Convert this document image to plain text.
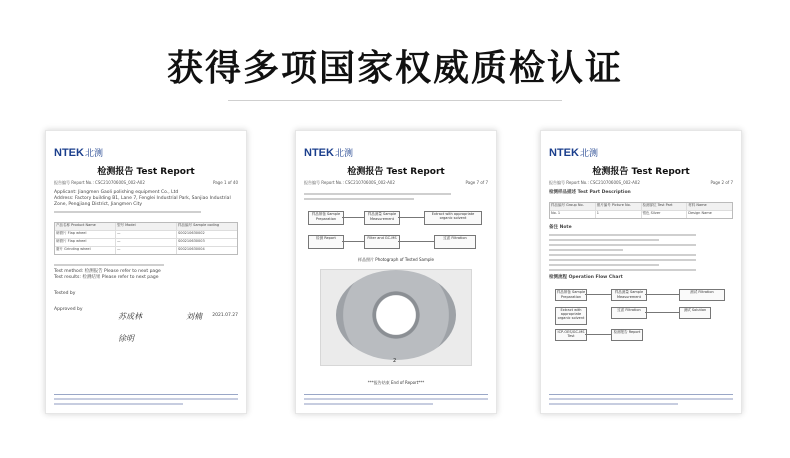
获得多项国家权威质检认证
NTEK北测
检测报告 Test Report
报告编号 Report No.: CSC21070600S_002-A02	Page 1 of 40
Applicant: Jiangmen Gaoli polishing equipment Co., Ltd
Address: Factory building B1, Lane 7, Fenglei Industrial Park, Sanjiao Industrial Zone, Pengjiang District, Jiangmen City
产品名称 Product Name	型号 Model	样品编号 Sample coding
研磨片 Flap wheel	—	S00210630002
研磨片 Flap wheel	—	S00210630003
磨片 Grinding wheel	—	S00210630004
Test method: 检测报告 Please refer to next page
Test results: 检测结果 Please refer to next page
Tested by
Approved by
2021.07.27
苏成林	刘楠
徐明
NTEK北测
检测报告 Test Report
报告编号 Report No.: CSC21070600S_002-A02	Page 7 of 7
样品制备 Sample Preparation
样品测量 Sample Measurement
Extract with appropriate organic solvent
检测 Report	Filter and GC-MS	过滤 Filtration
样品照片 Photograph of Tested Sample
2
***报告结束 End of Report***
NTEK北测
检测报告 Test Report
报告编号 Report No.: CSC21070600S_002-A02	Page 2 of 7
检测样品描述 Test Part Description
样品编号 Group No.	照片编号 Picture No.	检测部位 Test Part	材料 Name
No. 1	1	银色 Silver	Design Name
备注 Note
检测流程 Operation Flow Chart
样品制备 Sample Preparation
样品测量 Sample Measurement
测试 Filtration
Extract with appropriate organic solvent
过滤 Filtration	测试 Solution
ICP-OES/GC-MS Test
检测报告 Report
